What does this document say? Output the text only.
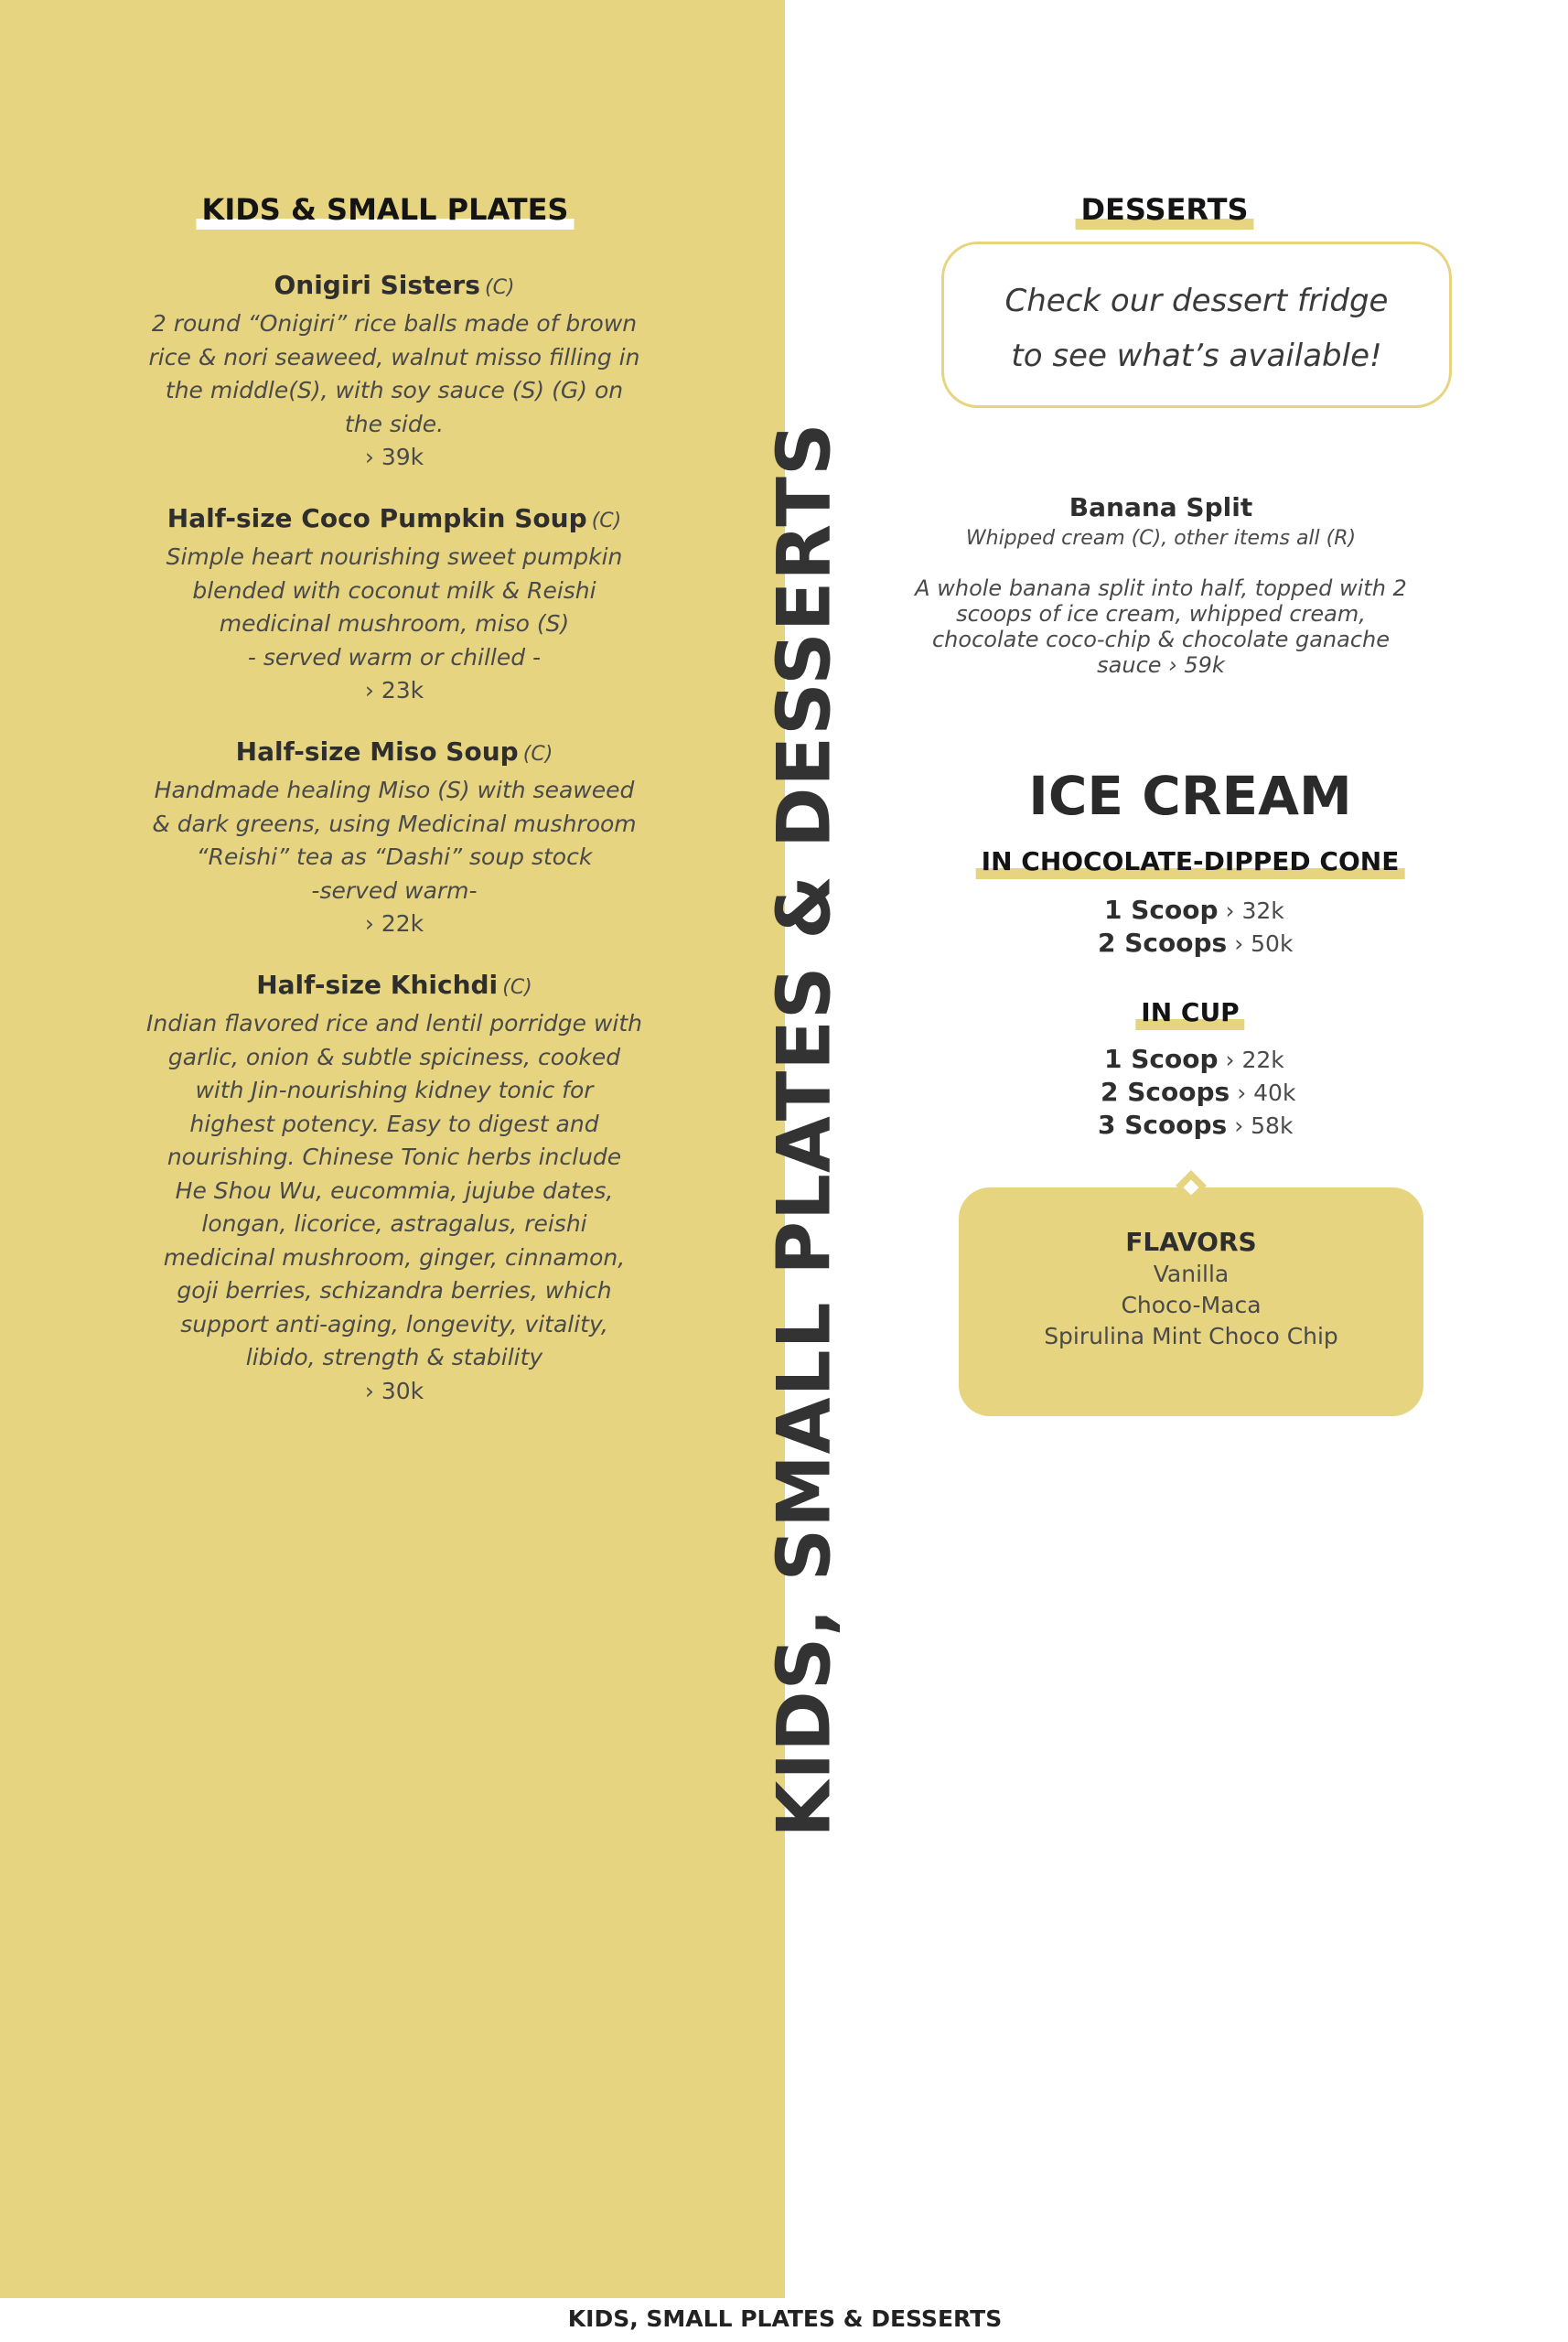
KIDS & SMALL PLATES
Onigiri Sisters (C)
2 round “Onigiri” rice balls made of brown
rice & nori seaweed, walnut misso filling in
the middle(S), with soy sauce (S) (G) on
the side.
› 39k
Half-size Coco Pumpkin Soup (C)
Simple heart nourishing sweet pumpkin
blended with coconut milk & Reishi
medicinal mushroom, miso (S)
- served warm or chilled -
› 23k
Half-size Miso Soup (C)
Handmade healing Miso (S) with seaweed
& dark greens, using Medicinal mushroom
“Reishi” tea as “Dashi” soup stock
-served warm-
› 22k
Half-size Khichdi (C)
Indian flavored rice and lentil porridge with
garlic, onion & subtle spiciness, cooked
with Jin-nourishing kidney tonic for
highest potency. Easy to digest and
nourishing. Chinese Tonic herbs include
He Shou Wu, eucommia, jujube dates,
longan, licorice, astragalus, reishi
medicinal mushroom, ginger, cinnamon,
goji berries, schizandra berries, which
support anti-aging, longevity, vitality,
libido, strength & stability
› 30k	KIDS, SMALL PLATES & DESSERTS
DESSERTS
Check our dessert fridge
to see what’s available!
Banana Split
Whipped cream (C), other items all (R)
A whole banana split into half, topped with 2
scoops of ice cream, whipped cream,
chocolate coco-chip & chocolate ganache
sauce › 59k
ICE CREAM
IN CHOCOLATE-DIPPED CONE
1 Scoop › 32k
2 Scoops › 50k
IN CUP
1 Scoop › 22k
2 Scoops › 40k
3 Scoops › 58k
FLAVORS
Vanilla
Choco-Maca
Spirulina Mint Choco Chip
KIDS, SMALL PLATES & DESSERTS
